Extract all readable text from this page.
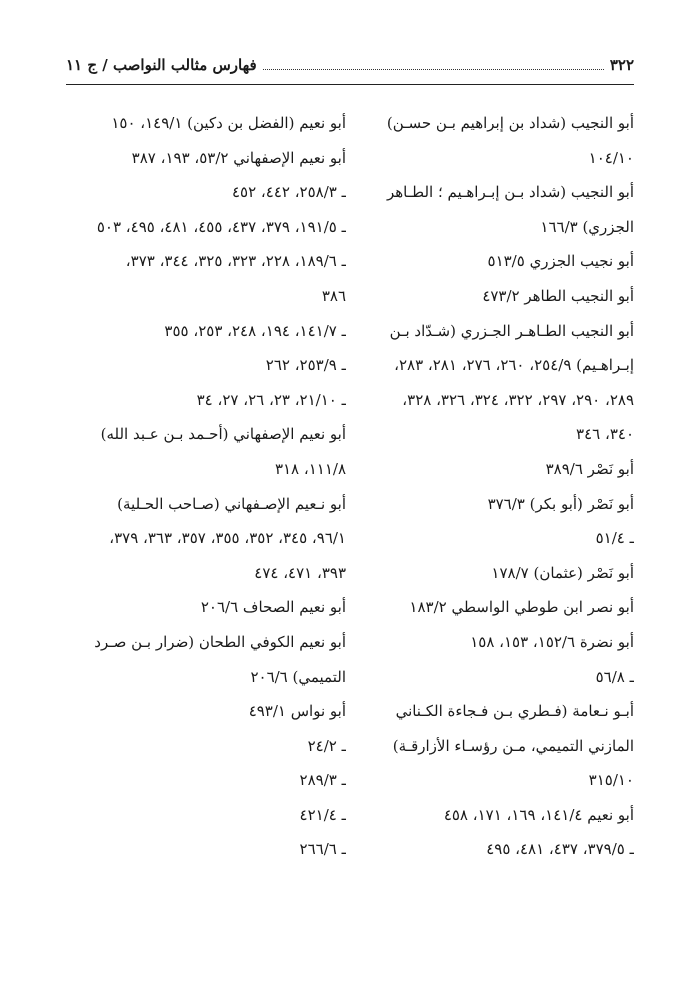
٣٢٢
فهارس مثالب النواصب / ج ١١
أبو النجيب (شداد بن إبراهيم بـن حسـن)
١٠٤/١٠
أبو النجيب (شداد بـن إبـراهـيم ؛ الطـاهر
الجزري) ١٦٦/٣
أبو نجيب الجزري ٥١٣/٥
أبو النجيب الطاهر ٤٧٣/٢
أبو النجيب الطـاهـر الجـزري (شـدّاد بـن
إبـراهـيم) ٢٥٤/٩، ٢٦٠، ٢٧٦، ٢٨١، ٢٨٣،
٢٨٩، ٢٩٠، ٢٩٧، ٣٢٢، ٣٢٤، ٣٢٦، ٣٢٨،
٣٤٠، ٣٤٦
أبو نَصْر ٣٨٩/٦
أبو نَصْر (أبو بكر) ٣٧٦/٣
ـ ٥١/٤
أبو نَصْر (عثمان) ١٧٨/٧
أبو نصر ابن طوطي الواسطي ١٨٣/٢
أبو نضرة ١٥٢/٦، ١٥٣، ١٥٨
ـ ٥٦/٨
أبـو نـعامة (فـطري بـن فـجاءة الكـناني
المازني التميمي، مـن رؤسـاء الأزارقـة)
٣١٥/١٠
أبو نعيم ١٤١/٤، ١٦٩، ١٧١، ٤٥٨
ـ ٣٧٩/٥، ٤٣٧، ٤٨١، ٤٩٥
أبو نعيم (الفضل بن دكين) ١٤٩/١، ١٥٠
أبو نعيم الإصفهاني ٥٣/٢، ١٩٣، ٣٨٧
ـ ٢٥٨/٣، ٤٤٢، ٤٥٢
ـ ١٩١/٥، ٣٧٩، ٤٣٧، ٤٥٥، ٤٨١، ٤٩٥، ٥٠٣
ـ ١٨٩/٦، ٢٢٨، ٣٢٣، ٣٢٥، ٣٤٤، ٣٧٣،
٣٨٦
ـ ١٤١/٧، ١٩٤، ٢٤٨، ٢٥٣، ٣٥٥
ـ ٢٥٣/٩، ٢٦٢
ـ ٢١/١٠، ٢٣، ٢٦، ٢٧، ٣٤
أبو نعيم الإصفهاني (أحـمد بـن عـبد الله)
١١١/٨، ٣١٨
أبو نـعيم الإصـفهاني (صـاحب الحـلية)
٩٦/١، ٣٤٥، ٣٥٢، ٣٥٥، ٣٥٧، ٣٦٣، ٣٧٩،
٣٩٣، ٤٧١، ٤٧٤
أبو نعيم الصحاف ٢٠٦/٦
أبو نعيم الكوفي الطحان (ضرار بـن صـرد
التميمي) ٢٠٦/٦
أبو نواس ٤٩٣/١
ـ ٢٤/٢
ـ ٢٨٩/٣
ـ ٤٢١/٤
ـ ٢٦٦/٦
